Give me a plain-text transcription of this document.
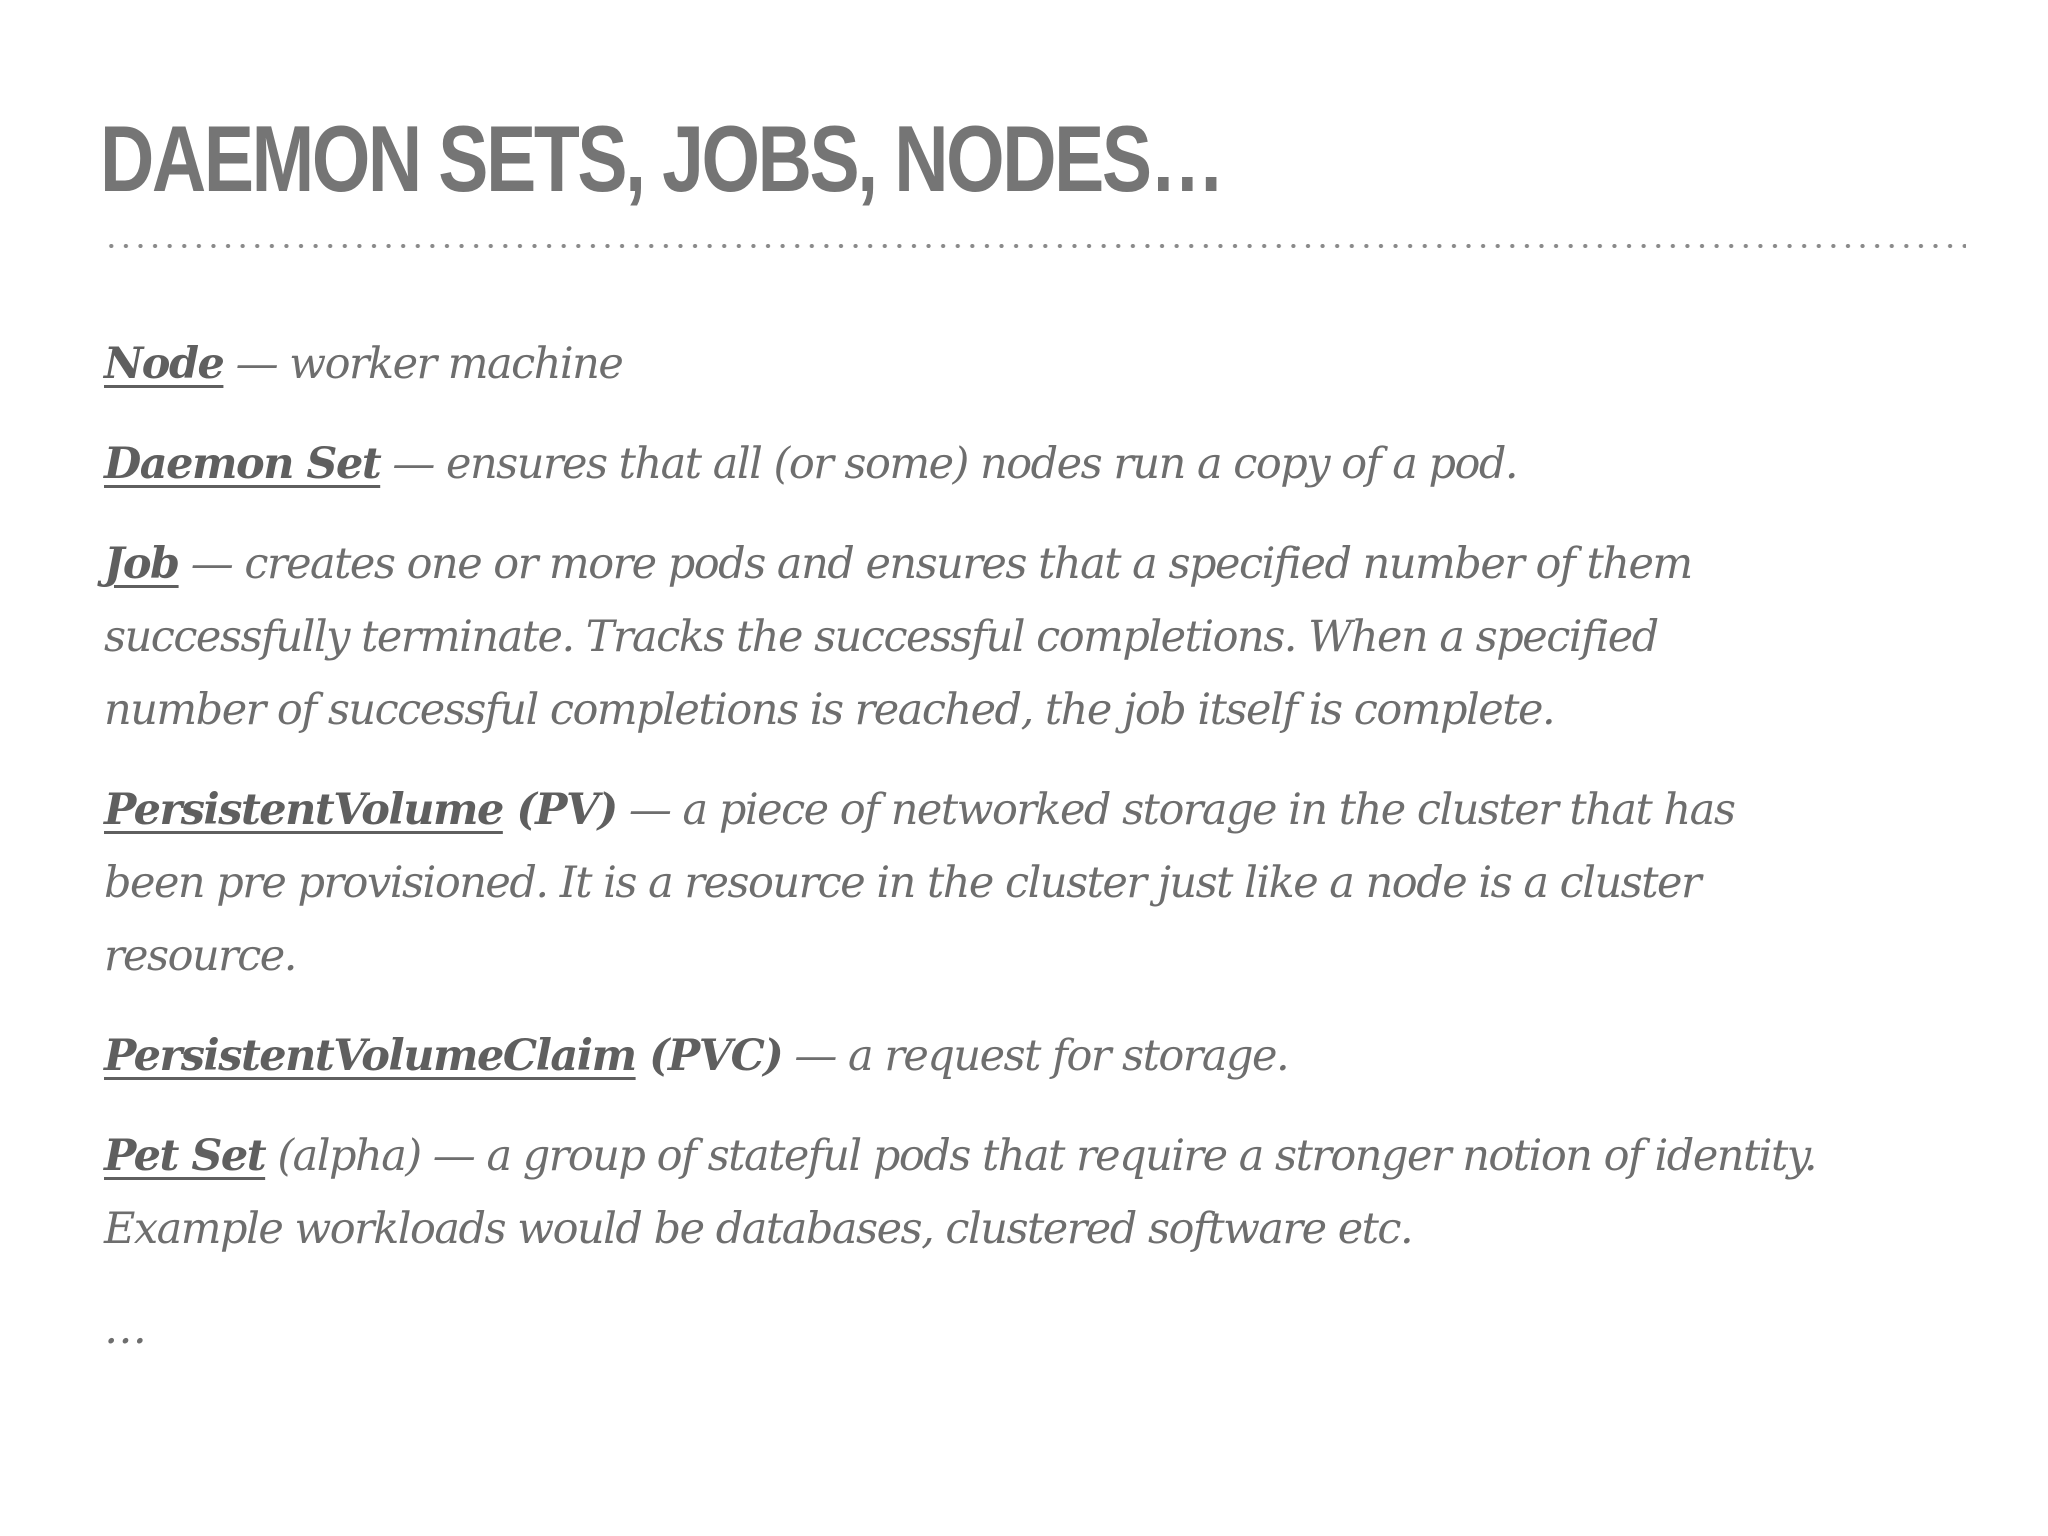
DAEMON SETS, JOBS, NODES…

Node — worker machine

Daemon Set — ensures that all (or some) nodes run a copy of a pod.

Job — creates one or more pods and ensures that a specified number of them successfully terminate. Tracks the successful completions. When a specified number of successful completions is reached, the job itself is complete.

PersistentVolume (PV) — a piece of networked storage in the cluster that has been pre provisioned. It is a resource in the cluster just like a node is a cluster resource.

PersistentVolumeClaim (PVC) — a request for storage.

Pet Set (alpha) — a group of stateful pods that require a stronger notion of identity. Example workloads would be databases, clustered software etc.

…
